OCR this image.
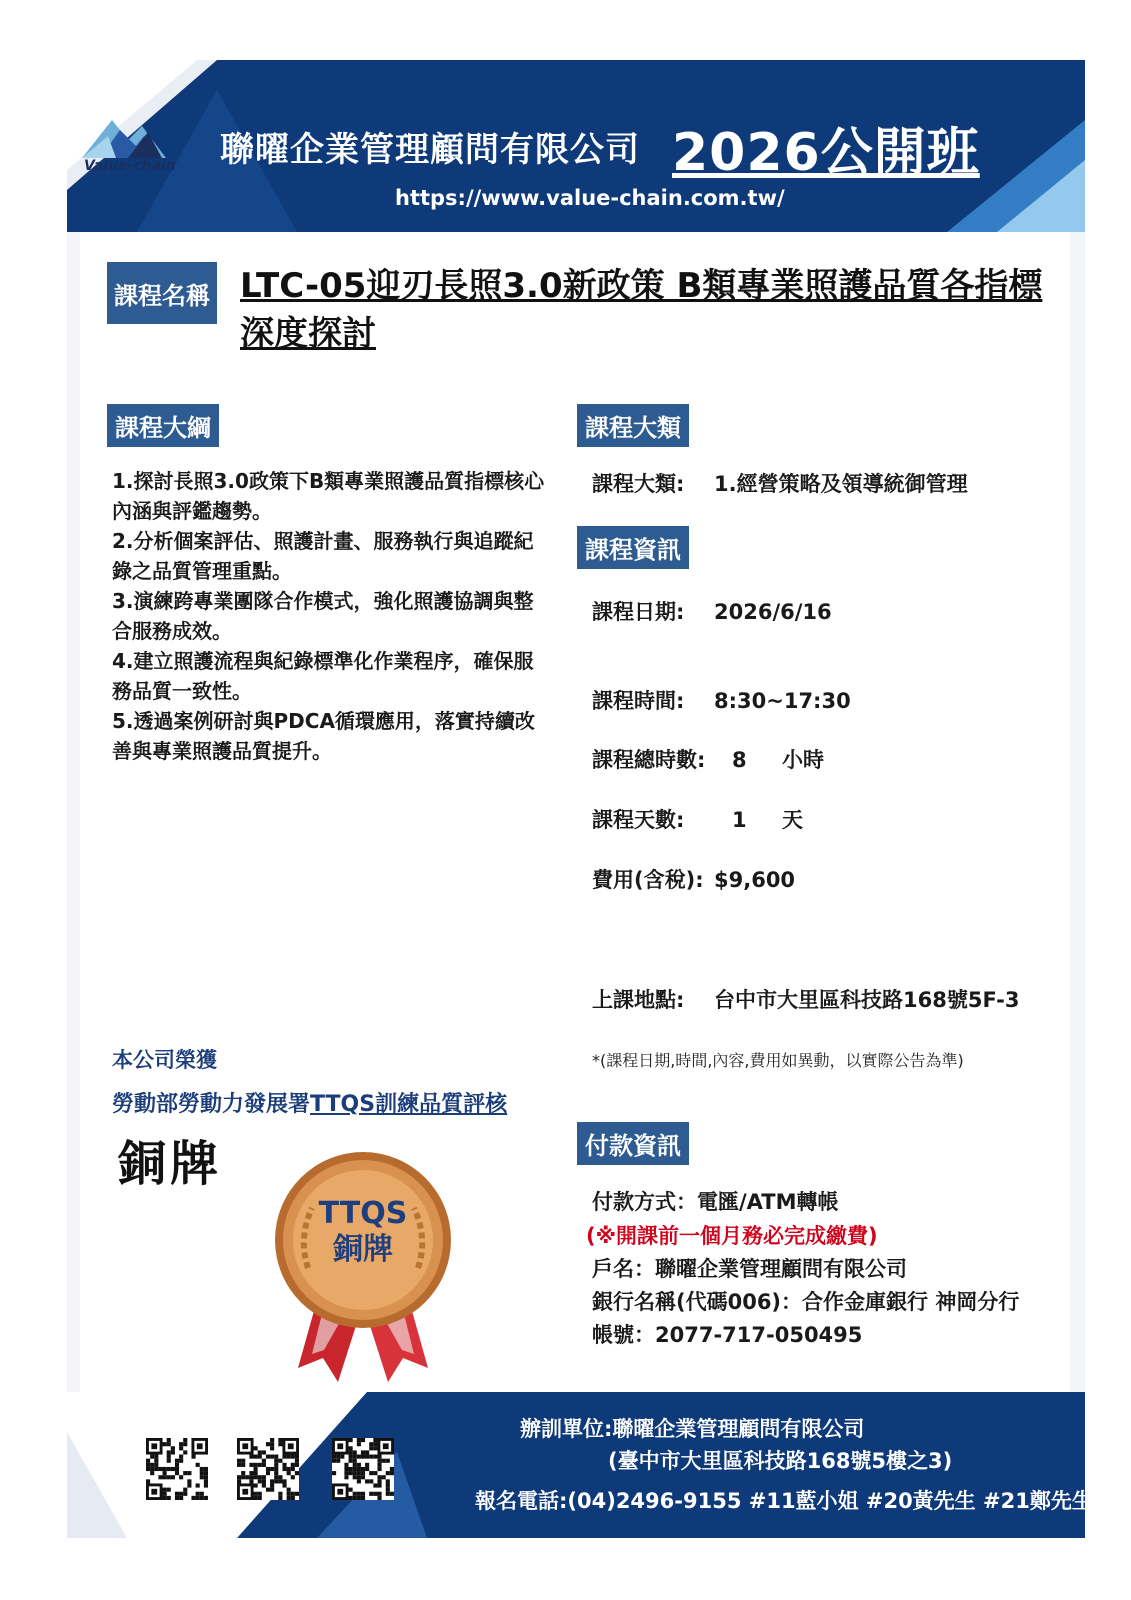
Value-chain 聯曜企業管理顧問有限公司 2026公開班
https://www.value-chain.com.tw/
課程名稱 LTC-05迎刃長照3.0新政策 B類專業照護品質各指標深度探討
課程大綱
1.探討長照3.0政策下B類專業照護品質指標核心內涵與評鑑趨勢。
2.分析個案評估、照護計畫、服務執行與追蹤紀錄之品質管理重點。
3.演練跨專業團隊合作模式，強化照護協調與整合服務成效。
4.建立照護流程與紀錄標準化作業程序，確保服務品質一致性。
5.透過案例研討與PDCA循環應用，落實持續改善與專業照護品質提升。
課程大類
課程大類: 1.經營策略及領導統御管理
課程資訊
課程日期: 2026/6/16
課程時間: 8:30~17:30
課程總時數: 8 小時
課程天數: 1 天
費用(含稅): $9,600
上課地點: 台中市大里區科技路168號5F-3
*(課程日期,時間,內容,費用如異動，以實際公告為準)
本公司榮獲
勞動部勞動力發展署TTQS訓練品質評核
銅牌
TTQS
銅牌
付款資訊
付款方式：電匯/ATM轉帳
(※開課前一個月務必完成繳費)
戶名：聯曜企業管理顧問有限公司
銀行名稱(代碼006)：合作金庫銀行 神岡分行
帳號：2077-717-050495
辦訓單位:聯曜企業管理顧問有限公司
(臺中市大里區科技路168號5樓之3)
報名電話:(04)2496-9155 #11藍小姐 #20黃先生 #21鄭先生
